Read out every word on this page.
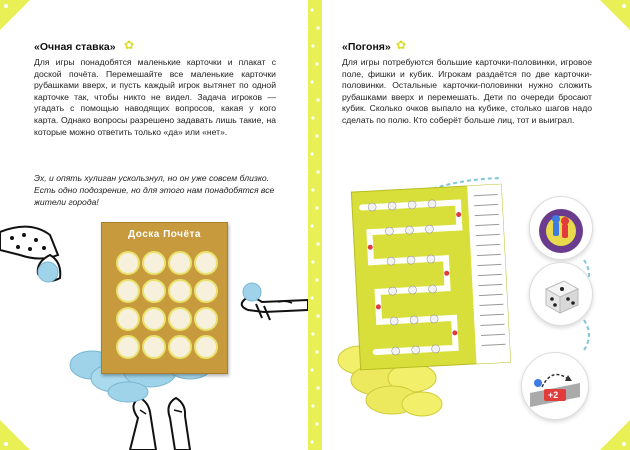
«Очная ставка» ✿
Для игры понадобятся маленькие карточки и плакат с доской почёта. Перемешайте все маленькие карточки рубашками вверх, и пусть каждый игрок вытянет по одной карточке так, чтобы никто не видел. Задача игроков — угадать с помощью наводящих вопросов, какая у кого карта. Однако вопросы разрешено задавать лишь такие, на которые можно ответить только «да» или «нет».
Эх, и опять хулиган ускользнул, но он уже совсем близко.
Есть одно подозрение, но для этого нам понадобятся все
жители города!
Доска Почёта
«Погоня» ✿
Для игры потребуются большие карточки-половинки, игровое поле, фишки и кубик. Игрокам раздаётся по две карточки-половинки. Остальные карточки-половинки нужно сложить рубашками вверх и перемешать. Дети по очереди бросают кубик. Сколько очков выпало на кубике, столько шагов надо сделать по полю. Кто соберёт больше лиц, тот и выиграл.
+2
